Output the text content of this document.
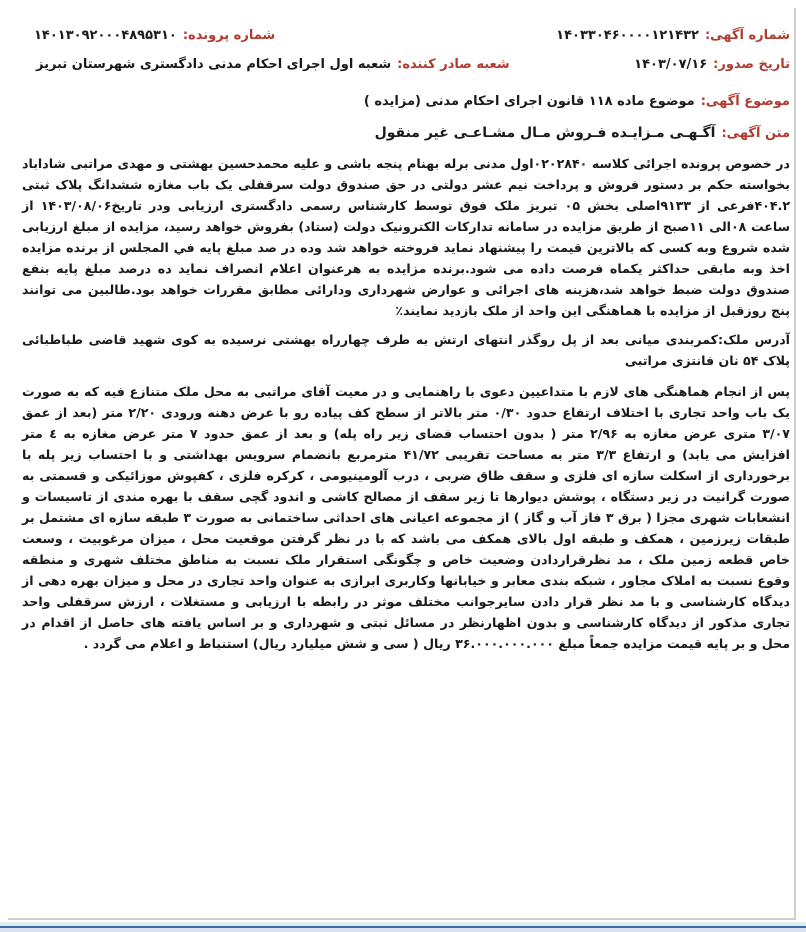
شماره آگهی:۱۴۰۳۳۰۴۶۰۰۰۰۱۲۱۴۳۲
شماره پرونده:۱۴۰۱۳۰۹۲۰۰۰۴۸۹۵۳۱۰
تاریخ صدور:۱۴۰۳/۰۷/۱۶
شعبه صادر کننده:شعبه اول اجرای احکام مدنی دادگستری شهرستان تبریز
موضوع آگهی:موضوع ماده ۱۱۸ قانون اجرای احکام مدنی (مزایده )
متن آگهی:آگـهـی مـزایـده فـروش مـال مشـاعـی غیر منقول

در خصوص پرونده اجرائی کلاسه ۰۲۰۲۸۴۰اول مدنی برله بهنام پنجه باشی و علیه محمدحسین بهشتی و مهدی مراتبی شاداباد بخواسته حکم بر دستور فروش و پرداخت نیم عشر دولتی در حق صندوق دولت سرقفلی یک باب مغازه ششدانگ پلاک ثبتی ۴۰۴.۲فرعی از ۹۱۳۳اصلی بخش ۰۵ تبریز ملک فوق توسط کارشناس رسمی دادگستری ارزیابی ودر تاریخ۱۴۰۳/۰۸/۰۶ از ساعت ۰۸الی ۱۱صبح از طریق مزایده در سامانه تدارکات الکترونیک دولت (ستاد) بفروش خواهد رسید، مزایده از مبلغ ارزیابی شده شروع وبه کسی که بالاترین قیمت را پیشنهاد نماید فروخته خواهد شد وده در صد مبلغ پایه في المجلس از برنده مزایده اخذ وبه مابقی حداکثر یکماه فرصت داده می شود.برنده مزایده به هرعنوان اعلام انصراف نماید ده درصد مبلغ پایه بنفع صندوق دولت ضبط خواهد شد،هزینه های اجرائی و عوارض شهرداری ودارائی مطابق مقررات خواهد بود.طالبین می توانند پنج روزقبل از مزایده با هماهنگی این واحد از ملک بازدید نمایند٪

آدرس ملک:کمربندی میانی بعد از پل روگذر انتهای ارتش به طرف چهارراه بهشتی نرسیده به کوی شهید قاضی طباطبائی پلاک ۵۴ نان فانتزی مراتبی

پس از انجام هماهنگی های لازم با متداعیین دعوی با راهنمایی و در معیت آقای مراتبی به محل ملک متنازع فیه که به صورت یک باب واحد تجاری با اختلاف ارتفاع حدود ۰/۳۰ متر بالاتر از سطح کف پیاده رو با عرض دهنه ورودی ۲/۲۰ متر (بعد از عمق ۳/۰۷ متری عرض مغازه به ۲/۹۶ متر ( بدون احتساب فضای زیر راه پله) و بعد از عمق حدود ۷ متر عرض مغازه به ٤ متر افزایش می یابد) و ارتفاع ۳/۳ متر به مساحت تقریبی ۴۱/۷۲ مترمربع بانضمام سرویس بهداشتی و با احتساب زیر پله با برخورداری از اسکلت سازه ای فلزی و سقف طاق ضربی ، درب آلومینیومی ، کرکره فلزی ، کفپوش موزائیکی و قسمتی به صورت گرانیت در زیر دستگاه ، پوشش دیوارها تا زیر سقف از مصالح کاشی و اندود گچی سقف با بهره مندی از تاسیسات و انشعابات شهری مجزا ( برق ۳ فاز آب و گاز ) از مجموعه اعیانی های احداثی ساختمانی به صورت ۳ طبقه سازه ای مشتمل بر طبقات زیرزمین ، همکف و طبقه اول بالای همکف می باشد که با در نظر گرفتن موقعیت محل ، میزان مرغوبیت ، وسعت خاص قطعه زمین ملک ، مد نظرقراردادن وضعیت خاص و چگونگی استقرار ملک نسبت به مناطق مختلف شهری و منطقه وقوع نسبت به املاک مجاور ، شبکه بندی معابر و خیابانها وکاربری ابرازی به عنوان واحد تجاری در محل و میزان بهره دهی از دیدگاه کارشناسی و با مد نظر قرار دادن سایرجوانب مختلف موثر در رابطه با ارزیابی و مستغلات ، ارزش سرقفلی واحد تجاری مذکور از دیدگاه کارشناسی و بدون اظهارنظر در مسائل ثبتی و شهرداری و بر اساس یافته های حاصل از اقدام در محل و بر پایه قیمت مزایده جمعاً مبلغ ۳۶.۰۰۰.۰۰۰.۰۰۰ ریال ( سی و شش میلیارد ریال) استنباط و اعلام می گردد .
